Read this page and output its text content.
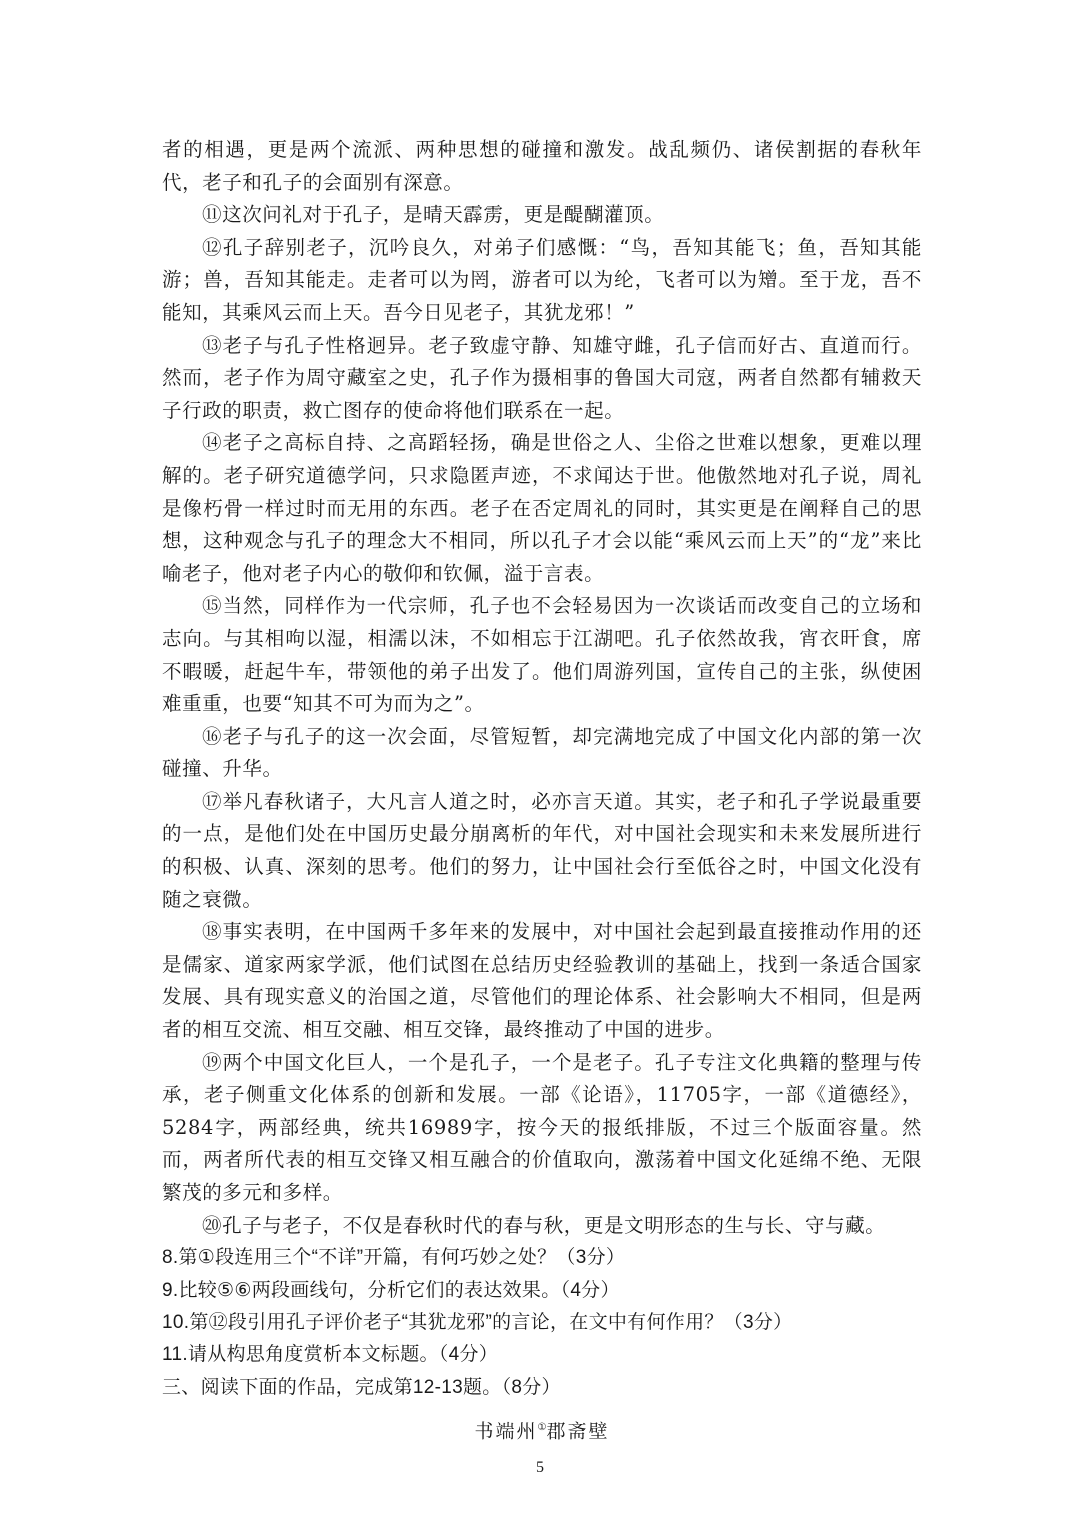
者的相遇，更是两个流派、两种思想的碰撞和激发。战乱频仍、诸侯割据的春秋年代，老子和孔子的会面别有深意。

⑪这次问礼对于孔子，是晴天霹雳，更是醍醐灌顶。

⑫孔子辞别老子，沉吟良久，对弟子们感慨：“鸟，吾知其能飞；鱼，吾知其能游；兽，吾知其能走。走者可以为罔，游者可以为纶，飞者可以为矰。至于龙，吾不能知，其乘风云而上天。吾今日见老子，其犹龙邪！”

⑬老子与孔子性格迥异。老子致虚守静、知雄守雌，孔子信而好古、直道而行。然而，老子作为周守藏室之史，孔子作为摄相事的鲁国大司寇，两者自然都有辅救天子行政的职责，救亡图存的使命将他们联系在一起。

⑭老子之高标自持、之高蹈轻扬，确是世俗之人、尘俗之世难以想象，更难以理解的。老子研究道德学问，只求隐匿声迹，不求闻达于世。他傲然地对孔子说，周礼是像朽骨一样过时而无用的东西。老子在否定周礼的同时，其实更是在阐释自己的思想，这种观念与孔子的理念大不相同，所以孔子才会以能“乘风云而上天”的“龙”来比喻老子，他对老子内心的敬仰和钦佩，溢于言表。

⑮当然，同样作为一代宗师，孔子也不会轻易因为一次谈话而改变自己的立场和志向。与其相呴以湿，相濡以沫，不如相忘于江湖吧。孔子依然故我，宵衣旰食，席不暇暖，赶起牛车，带领他的弟子出发了。他们周游列国，宣传自己的主张，纵使困难重重，也要“知其不可为而为之”。

⑯老子与孔子的这一次会面，尽管短暂，却完满地完成了中国文化内部的第一次碰撞、升华。

⑰举凡春秋诸子，大凡言人道之时，必亦言天道。其实，老子和孔子学说最重要的一点，是他们处在中国历史最分崩离析的年代，对中国社会现实和未来发展所进行的积极、认真、深刻的思考。他们的努力，让中国社会行至低谷之时，中国文化没有随之衰微。

⑱事实表明，在中国两千多年来的发展中，对中国社会起到最直接推动作用的还是儒家、道家两家学派，他们试图在总结历史经验教训的基础上，找到一条适合国家发展、具有现实意义的治国之道，尽管他们的理论体系、社会影响大不相同，但是两者的相互交流、相互交融、相互交锋，最终推动了中国的进步。

⑲两个中国文化巨人，一个是孔子，一个是老子。孔子专注文化典籍的整理与传承，老子侧重文化体系的创新和发展。一部《论语》，11705字，一部《道德经》，5284字，两部经典，统共16989字，按今天的报纸排版，不过三个版面容量。然而，两者所代表的相互交锋又相互融合的价值取向，激荡着中国文化延绵不绝、无限繁茂的多元和多样。

⑳孔子与老子，不仅是春秋时代的春与秋，更是文明形态的生与长、守与藏。

8.第①段连用三个“不详”开篇，有何巧妙之处？（3分）

9.比较⑤⑥两段画线句，分析它们的表达效果。（4分）

10.第⑫段引用孔子评价老子“其犹龙邪”的言论，在文中有何作用？（3分）

11.请从构思角度赏析本文标题。（4分）

三、阅读下面的作品，完成第12-13题。（8分）

书端州①郡斋壁

5
